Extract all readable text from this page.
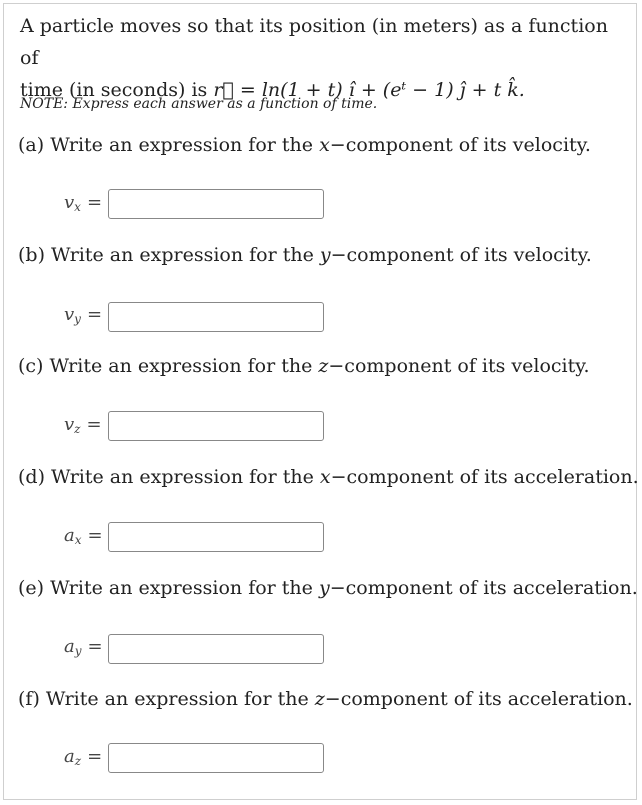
A particle moves so that its position (in meters) as a function of
time (in seconds) is r⃗ = ln(1 + t) î + (eᵗ − 1) ĵ + t k̂.
NOTE: Express each answer as a function of time.
(a) Write an expression for the x−component of its velocity.
$v_x$ =
(b) Write an expression for the y−component of its velocity.
$v_y$ =
(c) Write an expression for the z−component of its velocity.
$v_z$ =
(d) Write an expression for the x−component of its acceleration.
$a_x$ =
(e) Write an expression for the y−component of its acceleration.
$a_y$ =
(f) Write an expression for the z−component of its acceleration.
$a_z$ =
